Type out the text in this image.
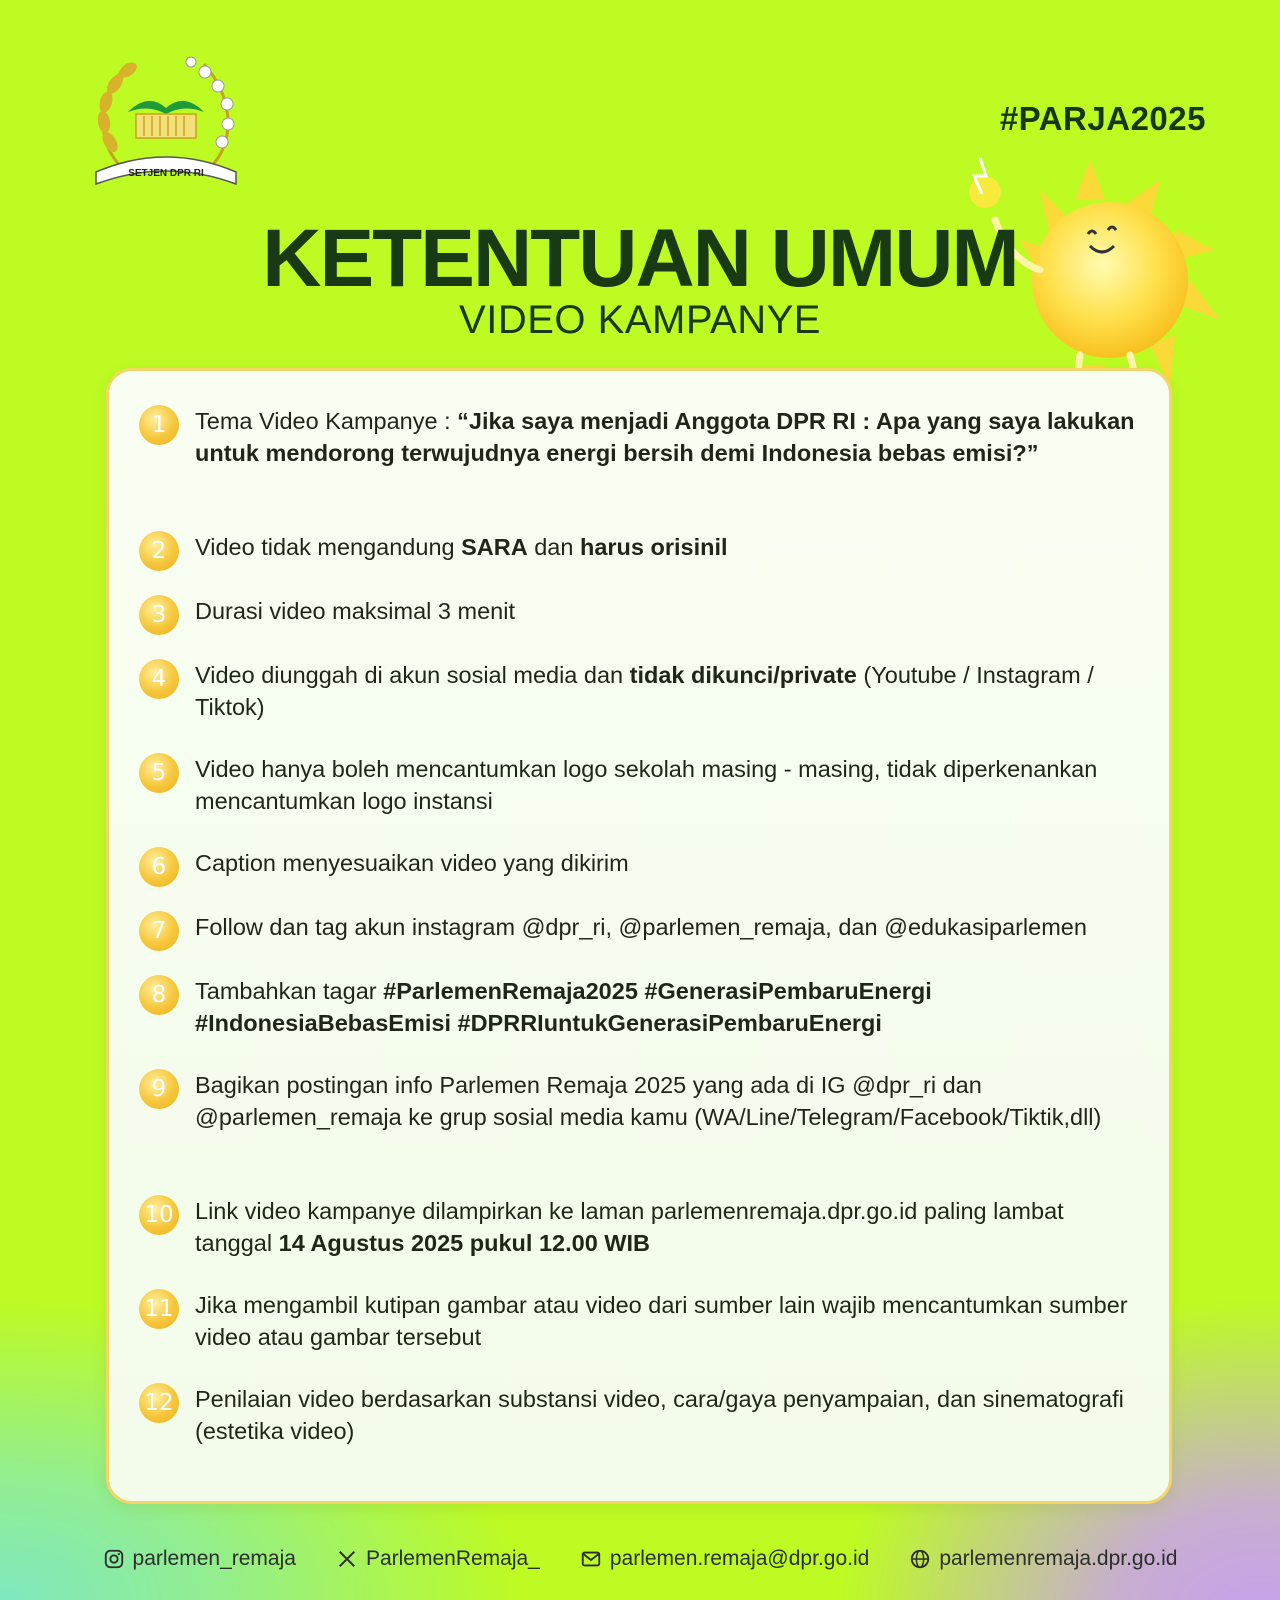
SETJEN DPR RI
#PARJA2025
KETENTUAN UMUM
VIDEO KAMPANYE
1	Tema Video Kampanye : “Jika saya menjadi Anggota DPR RI : Apa yang saya lakukan untuk mendorong terwujudnya energi bersih demi Indonesia bebas emisi?”
2	Video tidak mengandung SARA dan harus orisinil
3	Durasi video maksimal 3 menit
4	Video diunggah di akun sosial media dan tidak dikunci/private (Youtube / Instagram / Tiktok)
5	Video hanya boleh mencantumkan logo sekolah masing - masing, tidak diperkenankan mencantumkan logo instansi
6	Caption menyesuaikan video yang dikirim
7	Follow dan tag akun instagram @dpr_ri, @parlemen_remaja, dan @edukasiparlemen
8	Tambahkan tagar #ParlemenRemaja2025 #GenerasiPembaruEnergi #IndonesiaBebasEmisi #DPRRIuntukGenerasiPembaruEnergi
9	Bagikan postingan info Parlemen Remaja 2025 yang ada di IG @dpr_ri dan @parlemen_remaja ke grup sosial media kamu (WA/Line/Telegram/Facebook/Tiktik,dll)
10 Link video kampanye dilampirkan ke laman parlemenremaja.dpr.go.id paling lambat tanggal 14 Agustus 2025 pukul 12.00 WIB
11 Jika mengambil kutipan gambar atau video dari sumber lain wajib mencantumkan sumber video atau gambar tersebut
12 Penilaian video berdasarkan substansi video, cara/gaya penyampaian, dan sinematografi (estetika video)
parlemen_remaja	ParlemenRemaja_	parlemen.remaja@dpr.go.id	parlemenremaja.dpr.go.id
